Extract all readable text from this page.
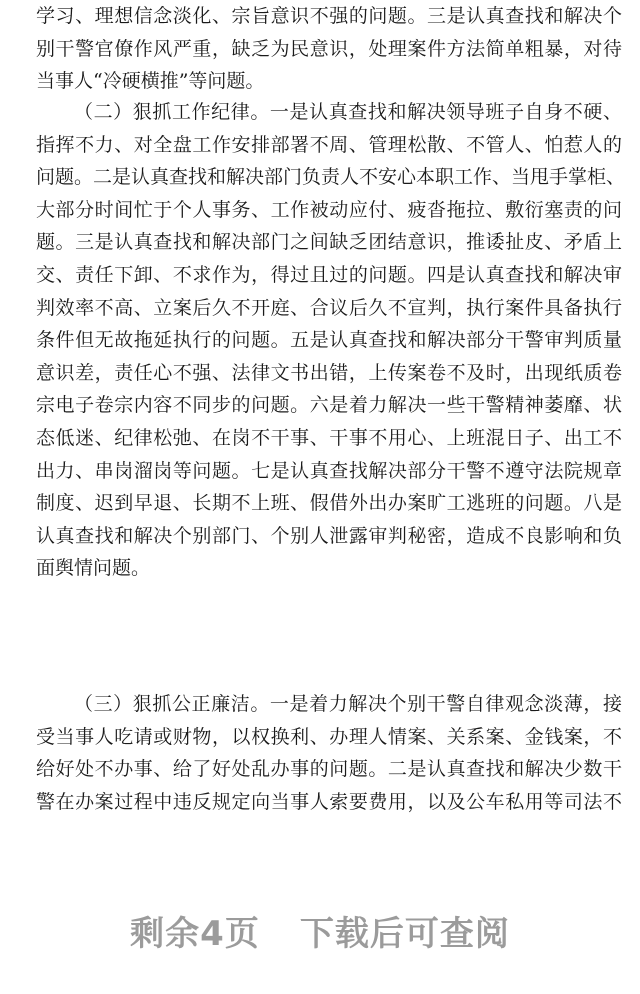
学习、理想信念淡化、宗旨意识不强的问题。三是认真查找和解决个
别干警官僚作风严重，缺乏为民意识，处理案件方法简单粗暴，对待
当事人“冷硬横推”等问题。
（二）狠抓工作纪律。一是认真查找和解决领导班子自身不硬、
指挥不力、对全盘工作安排部署不周、管理松散、不管人、怕惹人的
问题。二是认真查找和解决部门负责人不安心本职工作、当甩手掌柜、
大部分时间忙于个人事务、工作被动应付、疲沓拖拉、敷衍塞责的问
题。三是认真查找和解决部门之间缺乏团结意识，推诿扯皮、矛盾上
交、责任下卸、不求作为，得过且过的问题。四是认真查找和解决审
判效率不高、立案后久不开庭、合议后久不宣判，执行案件具备执行
条件但无故拖延执行的问题。五是认真查找和解决部分干警审判质量
意识差，责任心不强、法律文书出错，上传案卷不及时，出现纸质卷
宗电子卷宗内容不同步的问题。六是着力解决一些干警精神萎靡、状
态低迷、纪律松弛、在岗不干事、干事不用心、上班混日子、出工不
出力、串岗溜岗等问题。七是认真查找解决部分干警不遵守法院规章
制度、迟到早退、长期不上班、假借外出办案旷工逃班的问题。八是
认真查找和解决个别部门、个别人泄露审判秘密，造成不良影响和负
面舆情问题。
（三）狠抓公正廉洁。一是着力解决个别干警自律观念淡薄，接
受当事人吃请或财物，以权换利、办理人情案、关系案、金钱案，不
给好处不办事、给了好处乱办事的问题。二是认真查找和解决少数干
警在办案过程中违反规定向当事人索要费用，以及公车私用等司法不
剩余4页 下载后可查阅
